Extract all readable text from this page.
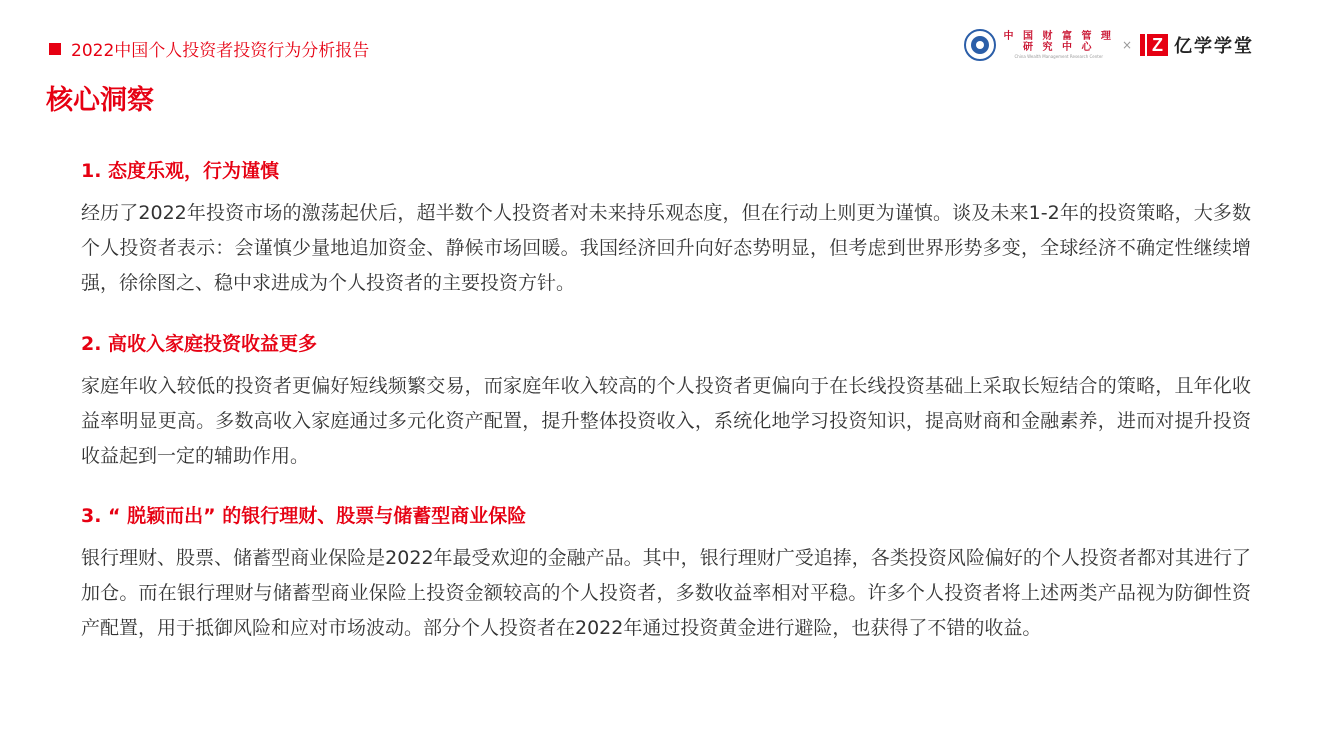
2022中国个人投资者投资行为分析报告
核心洞察
中 国 财 富 管 理
研 究 中 心
China Wealth Management Research Center
× Z 亿学学堂
1. 态度乐观，行为谨慎

经历了2022年投资市场的激荡起伏后，超半数个人投资者对未来持乐观态度，但在行动上则更为谨慎。谈及未来1-2年的投资策略，大多数个人投资者表示：会谨慎少量地追加资金、静候市场回暖。我国经济回升向好态势明显，但考虑到世界形势多变，全球经济不确定性继续增强，徐徐图之、稳中求进成为个人投资者的主要投资方针。

2. 高收入家庭投资收益更多

家庭年收入较低的投资者更偏好短线频繁交易，而家庭年收入较高的个人投资者更偏向于在长线投资基础上采取长短结合的策略，且年化收益率明显更高。多数高收入家庭通过多元化资产配置，提升整体投资收入，系统化地学习投资知识，提高财商和金融素养，进而对提升投资收益起到一定的辅助作用。

3. “ 脱颖而出” 的银行理财、股票与储蓄型商业保险

银行理财、股票、储蓄型商业保险是2022年最受欢迎的金融产品。其中，银行理财广受追捧，各类投资风险偏好的个人投资者都对其进行了加仓。而在银行理财与储蓄型商业保险上投资金额较高的个人投资者，多数收益率相对平稳。许多个人投资者将上述两类产品视为防御性资产配置，用于抵御风险和应对市场波动。部分个人投资者在2022年通过投资黄金进行避险，也获得了不错的收益。
